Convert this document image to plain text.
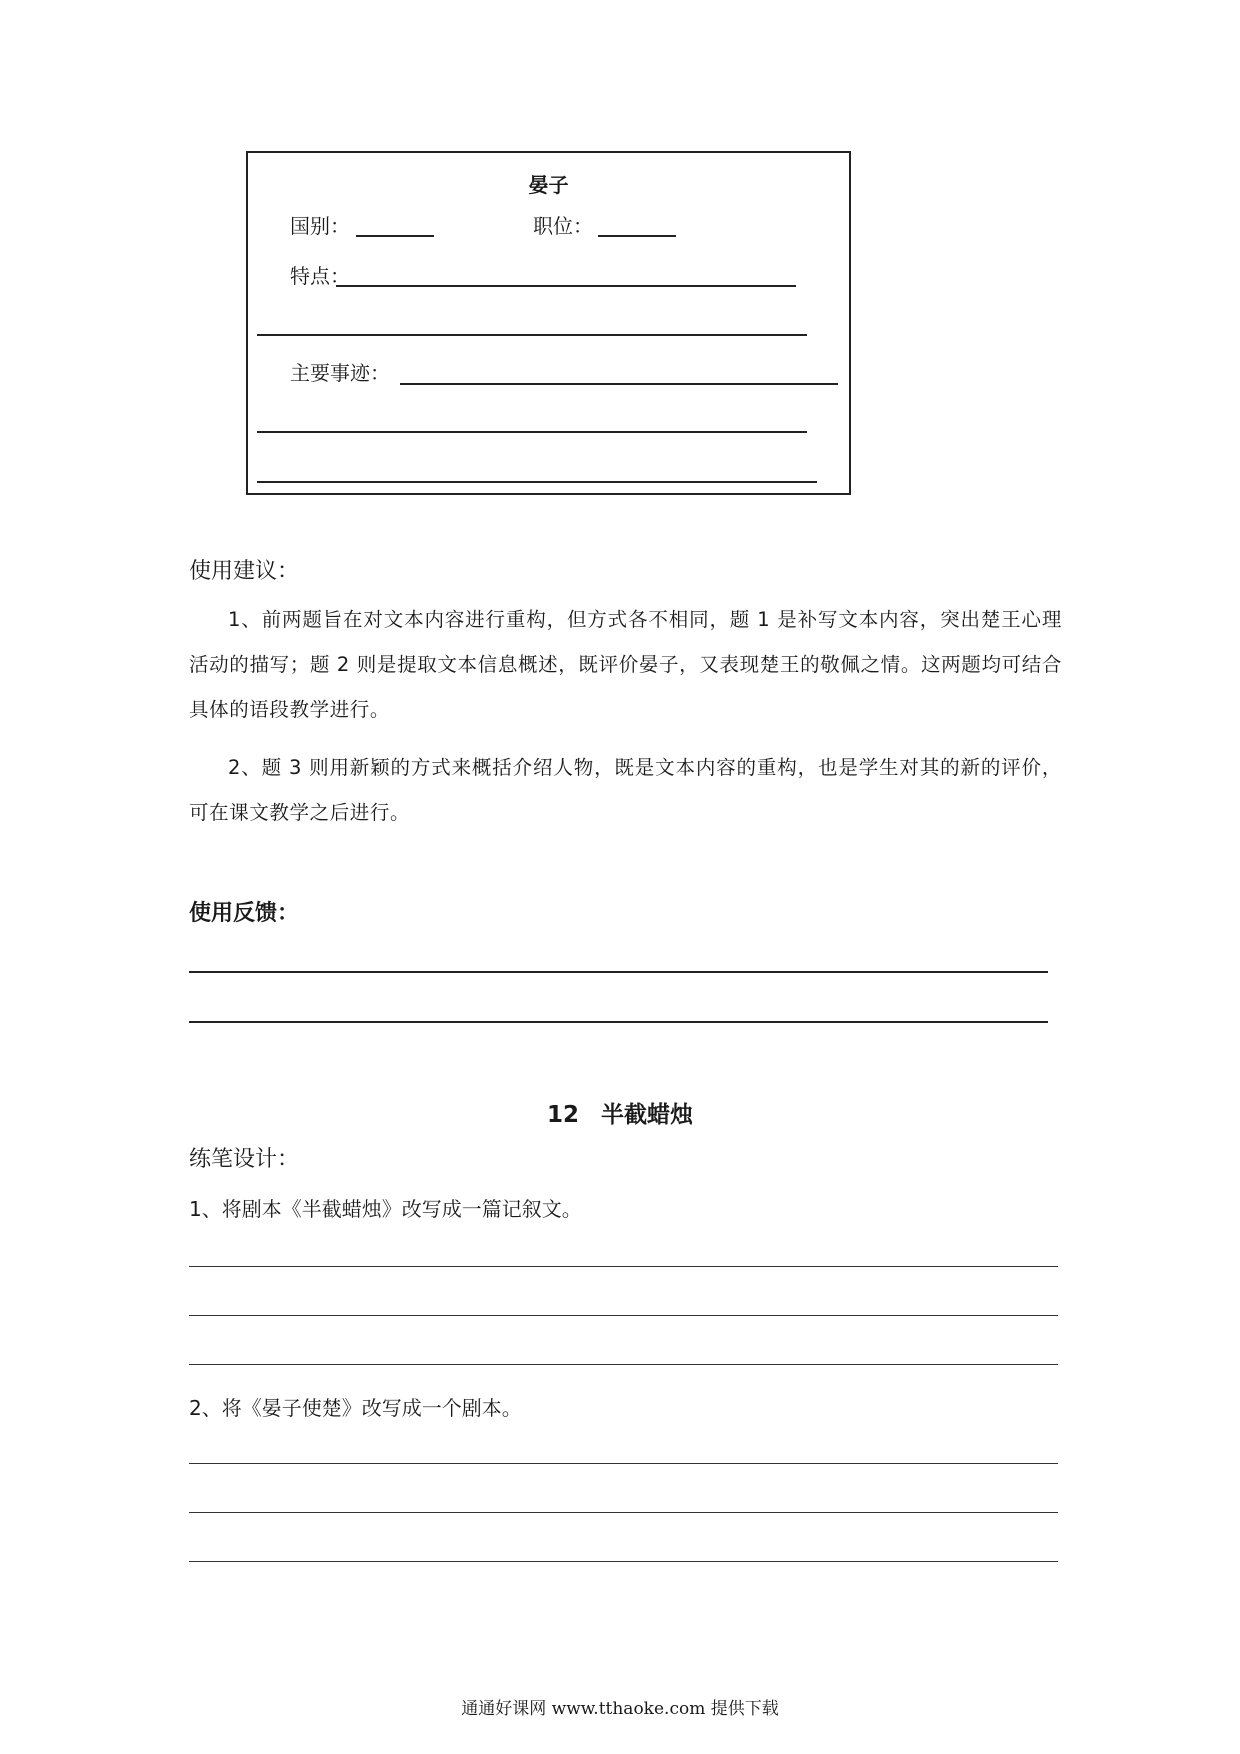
晏子
国别：	职位：
特点：
主要事迹：
使用建议：
1、前两题旨在对文本内容进行重构，但方式各不相同，题 1 是补写文本内容，突出楚王心理活动的描写；题 2 则是提取文本信息概述，既评价晏子，又表现楚王的敬佩之情。这两题均可结合具体的语段教学进行。
2、题 3 则用新颖的方式来概括介绍人物，既是文本内容的重构，也是学生对其的新的评价，可在课文教学之后进行。
使用反馈：
12 半截蜡烛
练笔设计：
1、将剧本《半截蜡烛》改写成一篇记叙文。
2、将《晏子使楚》改写成一个剧本。
通通好课网 www.tthaoke.com 提供下载
